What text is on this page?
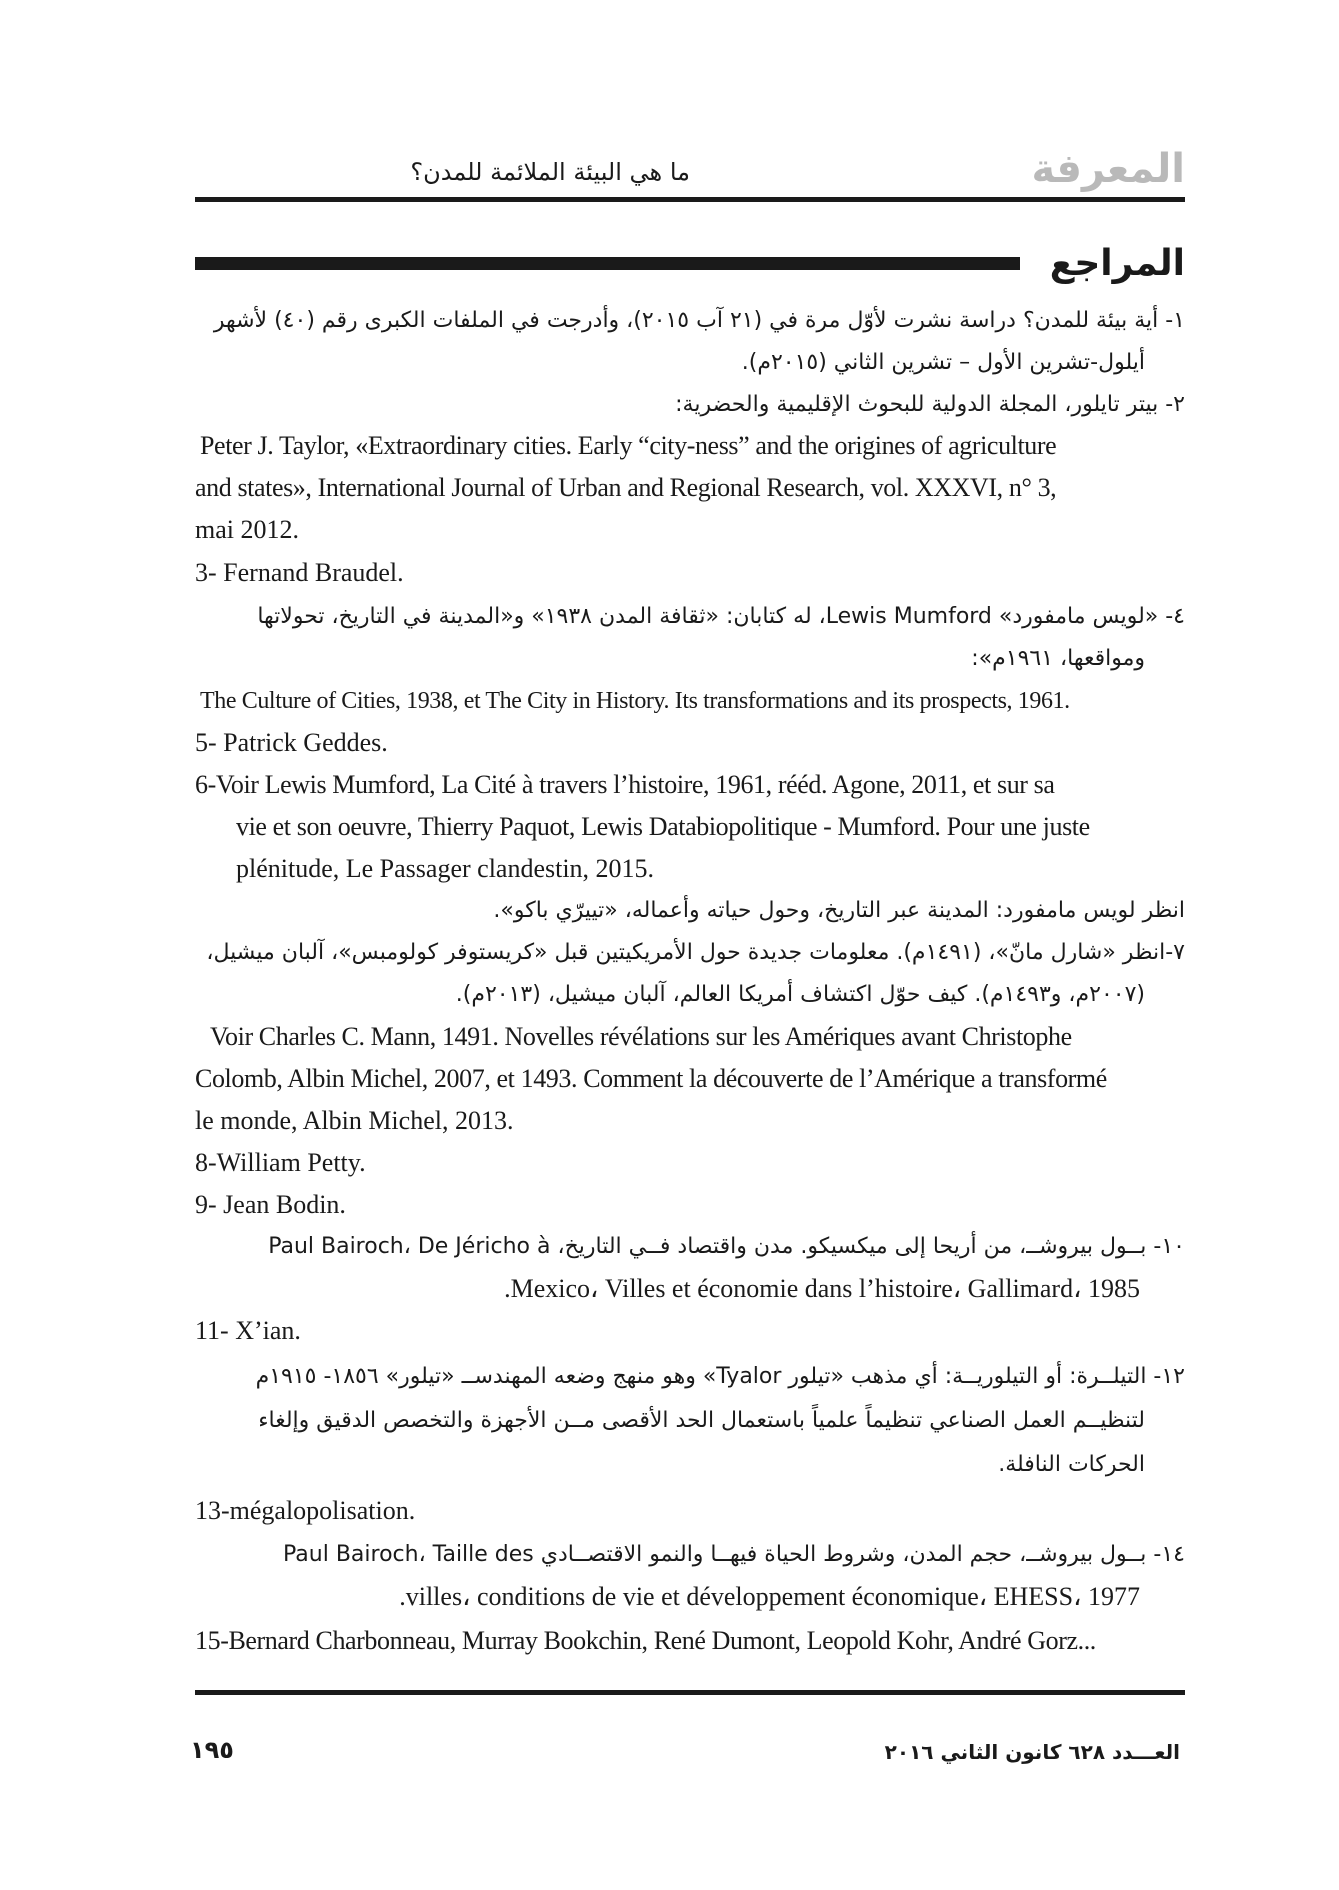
المعرفة
ما هي البيئة الملائمة للمدن؟
المراجع
١- أية بيئة للمدن؟ دراسة نشرت لأوّل مرة في (٢١ آب ٢٠١٥)، وأدرجت في الملفات الكبرى رقم (٤٠) لأشهر
أيلول-تشرين الأول – تشرين الثاني (٢٠١٥م).
٢- بيتر تايلور، المجلة الدولية للبحوث الإقليمية والحضرية:
Peter J. Taylor, «Extraordinary cities. Early “city-ness” and the origines of agriculture
and states», International Journal of Urban and Regional Research, vol. XXXVI, n° 3,
mai 2012.
3- Fernand Braudel.
٤- «لويس مامفورد» Lewis Mumford، له كتابان: «ثقافة المدن ١٩٣٨» و«المدينة في التاريخ، تحولاتها
ومواقعها، ١٩٦١م»:
The Culture of Cities, 1938, et The City in History. Its transformations and its prospects, 1961.
5- Patrick Geddes.
6-Voir Lewis Mumford, La Cité à travers l’histoire, 1961, rééd. Agone, 2011, et sur sa
vie et son oeuvre, Thierry Paquot, Lewis Databiopolitique - Mumford. Pour une juste
plénitude, Le Passager clandestin, 2015.
انظر لويس مامفورد: المدينة عبر التاريخ، وحول حياته وأعماله، «تييرّي باكو».
٧-انظر «شارل مانّ»، (١٤٩١م). معلومات جديدة حول الأمريكيتين قبل «كريستوفر كولومبس»، آلبان ميشيل،
(٢٠٠٧م، و١٤٩٣م). كيف حوّل اكتشاف أمريكا العالم، آلبان ميشيل، (٢٠١٣م).
Voir Charles C. Mann, 1491. Novelles révélations sur les Amériques avant Christophe
Colomb, Albin Michel, 2007, et 1493. Comment la découverte de l’Amérique a transformé
le monde, Albin Michel, 2013.
8-William Petty.
9- Jean Bodin.
١٠- بــول بيروشــ، من أريحا إلى ميكسيكو. مدن واقتصاد فــي التاريخ، Paul Bairoch، De Jéricho à
Mexico، Villes et économie dans l’histoire، Gallimard، 1985.
11- X’ian.
١٢- التيلــرة: أو التيلوريــة: أي مذهب «تيلور Tyalor» وهو منهج وضعه المهندســ «تيلور» ١٨٥٦- ١٩١٥م
لتنظيــم العمل الصناعي تنظيماً علمياً باستعمال الحد الأقصى مــن الأجهزة والتخصص الدقيق وإلغاء
الحركات النافلة.
13-mégalopolisation.
١٤- بــول بيروشــ، حجم المدن، وشروط الحياة فيهــا والنمو الاقتصــادي Paul Bairoch، Taille des
villes، conditions de vie et développement économique، EHESS، 1977.
15-Bernard Charbonneau, Murray Bookchin, René Dumont, Leopold Kohr, André Gorz...
العـــدد ٦٢٨ كانون الثاني ٢٠١٦
١٩٥
